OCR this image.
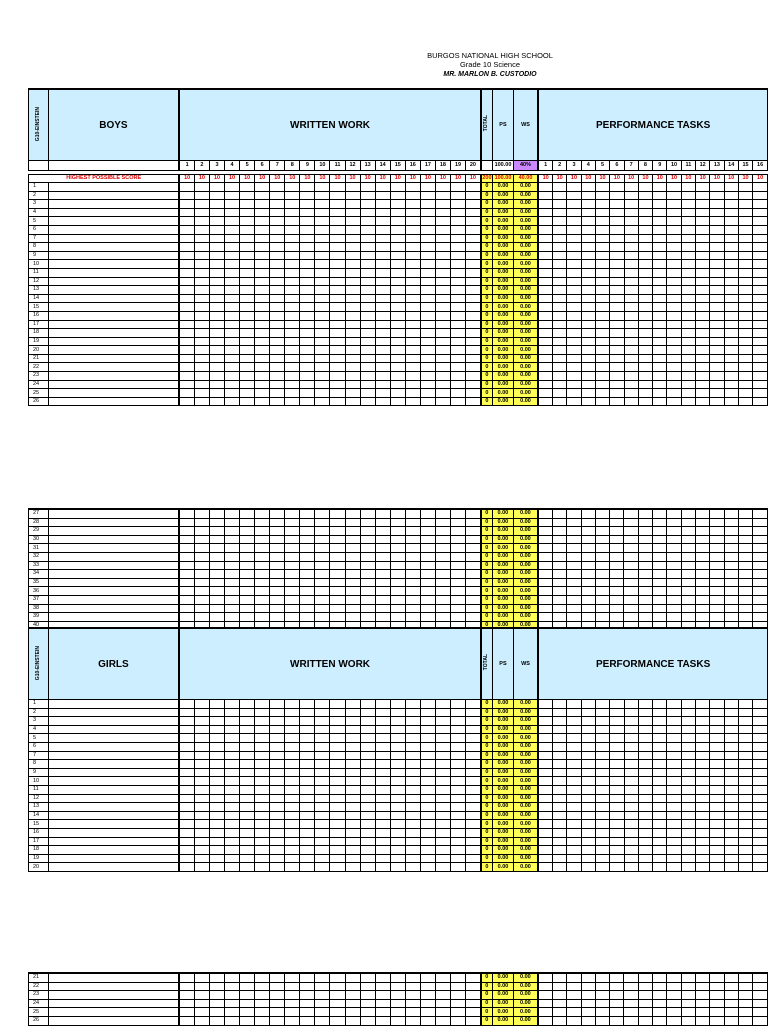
BURGOS NATIONAL HIGH SCHOOL
Grade 10 Science
MR. MARLON B. CUSTODIO
G10-EINSTEIN	BOYS	WRITTEN WORK																				TOTAL	PS	WS	PERFORMANCE TASKS															
		1	2	3	4	5	6	7	8	9	10	11	12	13	14	15	16	17	18	19	20		100.00	40%	1	2	3	4	5	6	7	8	9	10	11	12	13	14	15	16

HIGHEST POSSIBLE SCORE		10	10	10	10	10	10	10	10	10	10	10	10	10	10	10	10	10	10	10	10	200	100.00	40.00	10	10	10	10	10	10	10	10	10	10	10	10	10	10	10	10
1																						0	0.00	0.00																
2																						0	0.00	0.00																
3																						0	0.00	0.00																
4																						0	0.00	0.00																
5																						0	0.00	0.00																
6																						0	0.00	0.00																
7																						0	0.00	0.00																
8																						0	0.00	0.00																
9																						0	0.00	0.00																
10																						0	0.00	0.00																
11																						0	0.00	0.00																
12																						0	0.00	0.00																
13																						0	0.00	0.00																
14																						0	0.00	0.00																
15																						0	0.00	0.00																
16																						0	0.00	0.00																
17																						0	0.00	0.00																
18																						0	0.00	0.00																
19																						0	0.00	0.00																
20																						0	0.00	0.00																
21																						0	0.00	0.00																
22																						0	0.00	0.00																
23																						0	0.00	0.00																
24																						0	0.00	0.00																
25																						0	0.00	0.00																
26																						0	0.00	0.00																
27																						0	0.00	0.00																
28																						0	0.00	0.00																
29																						0	0.00	0.00																
30																						0	0.00	0.00																
31																						0	0.00	0.00																
32																						0	0.00	0.00																
33																						0	0.00	0.00																
34																						0	0.00	0.00																
35																						0	0.00	0.00																
36																						0	0.00	0.00																
37																						0	0.00	0.00																
38																						0	0.00	0.00																
39																						0	0.00	0.00																
40																						0	0.00	0.00																
G10-EINSTEIN	GIRLS	WRITTEN WORK																				TOTAL	PS	WS	PERFORMANCE TASKS															
1																						0	0.00	0.00																
2																						0	0.00	0.00																
3																						0	0.00	0.00																
4																						0	0.00	0.00																
5																						0	0.00	0.00																
6																						0	0.00	0.00																
7																						0	0.00	0.00																
8																						0	0.00	0.00																
9																						0	0.00	0.00																
10																						0	0.00	0.00																
11																						0	0.00	0.00																
12																						0	0.00	0.00																
13																						0	0.00	0.00																
14																						0	0.00	0.00																
15																						0	0.00	0.00																
16																						0	0.00	0.00																
17																						0	0.00	0.00																
18																						0	0.00	0.00																
19																						0	0.00	0.00																
20																						0	0.00	0.00																
21																						0	0.00	0.00																
22																						0	0.00	0.00																
23																						0	0.00	0.00																
24																						0	0.00	0.00																
25																						0	0.00	0.00																
26																						0	0.00	0.00																
